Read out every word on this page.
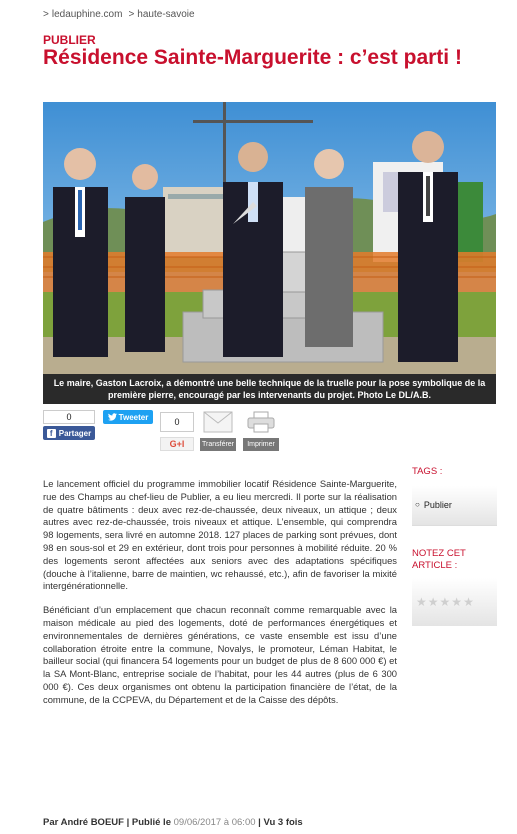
> ledauphine.com > haute-savoie
PUBLIER
Résidence Sainte-Marguerite : c’est parti !
Le maire, Gaston Lacroix, a démontré une belle technique de la truelle pour la pose symbolique de la première pierre, encouragé par les intervenants du projet. Photo Le DL/A.B.
0
f Partager
Tweeter	0
G+l	Transférer	Imprimer

Le lancement officiel du programme immobilier locatif Résidence Sainte-Marguerite, rue des Champs au chef-lieu de Publier, a eu lieu mercredi. Il porte sur la réalisation de quatre bâtiments : deux avec rez-de-chaussée, deux niveaux, un attique ; deux autres avec rez-de-chaussée, trois niveaux et attique. L’ensemble, qui comprendra 98 logements, sera livré en automne 2018. 127 places de parking sont prévues, dont 98 en sous-sol et 29 en extérieur, dont trois pour personnes à mobilité réduite. 20 % des logements seront affectées aux seniors avec des adaptations spécifiques (douche à l’italienne, barre de maintien, wc rehaussé, etc.), afin de favoriser la mixité intergénérationnelle.

Bénéficiant d’un emplacement que chacun reconnaît comme remarquable avec la maison médicale au pied des logements, doté de performances énergétiques et environnementales de dernières générations, ce vaste ensemble est issu d’une collaboration étroite entre la commune, Novalys, le promoteur, Léman Habitat, le bailleur social (qui financera 54 logements pour un budget de plus de 8 600 000 €) et la SA Mont-Blanc, entreprise sociale de l’habitat, pour les 44 autres (plus de 6 300 000 €). Ces deux organismes ont obtenu la participation financière de l’état, de la commune, de la CCPEVA, du Département et de la Caisse des dépôts.

TAGS :
○ Publier
NOTEZ CET ARTICLE :
★ ★ ★ ★ ★
Par André BOEUF | Publié le 09/06/2017 à 06:00 | Vu 3 fois
